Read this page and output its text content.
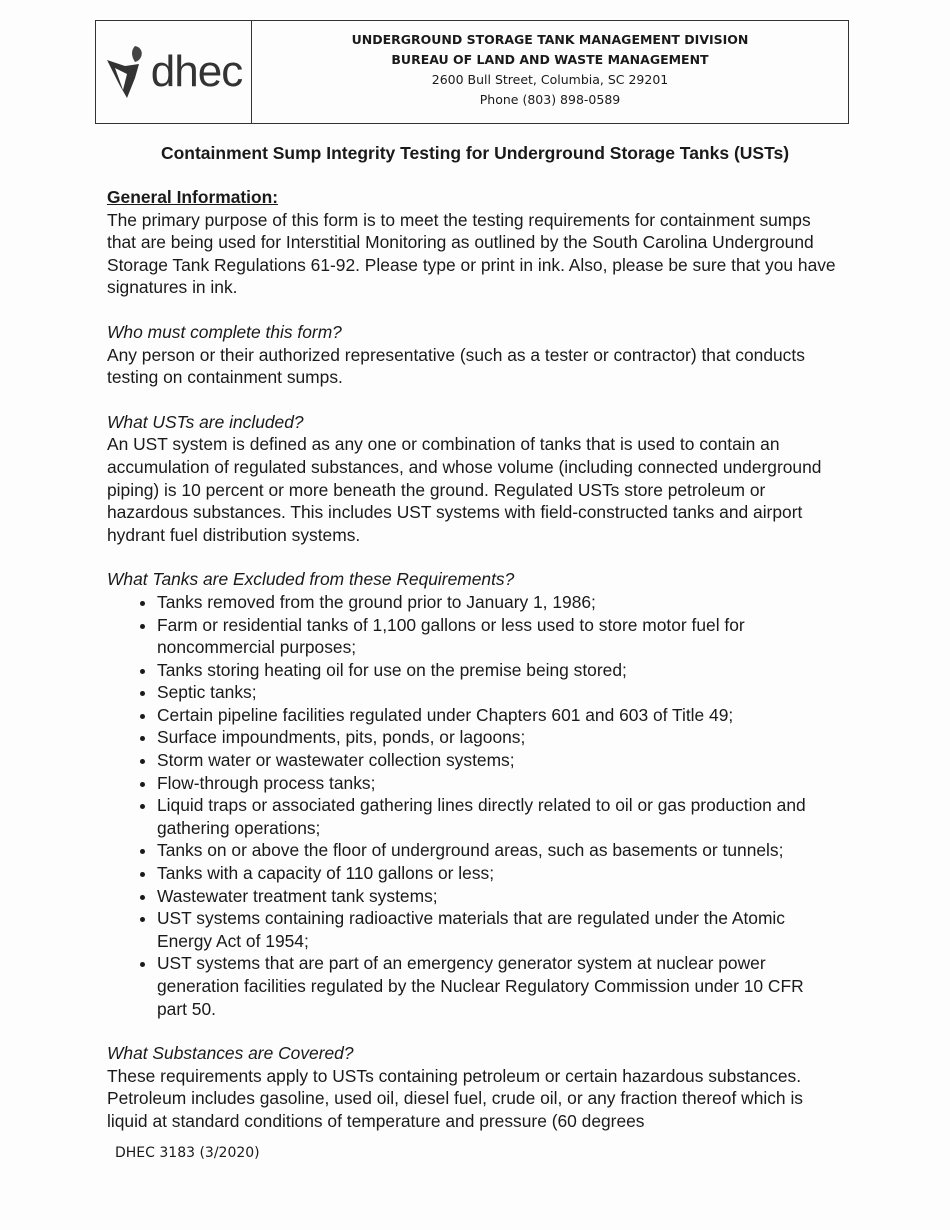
dhec
UNDERGROUND STORAGE TANK MANAGEMENT DIVISION
BUREAU OF LAND AND WASTE MANAGEMENT
2600 Bull Street, Columbia, SC 29201
Phone (803) 898-0589
Containment Sump Integrity Testing for Underground Storage Tanks (USTs)
General Information:

The primary purpose of this form is to meet the testing requirements for containment sumps that are being used for Interstitial Monitoring as outlined by the South Carolina Underground Storage Tank Regulations 61-92. Please type or print in ink. Also, please be sure that you have signatures in ink.

Who must complete this form?

Any person or their authorized representative (such as a tester or contractor) that conducts testing on containment sumps.

What USTs are included?

An UST system is defined as any one or combination of tanks that is used to contain an accumulation of regulated substances, and whose volume (including connected underground piping) is 10 percent or more beneath the ground. Regulated USTs store petroleum or hazardous substances. This includes UST systems with field-constructed tanks and airport hydrant fuel distribution systems.

What Tanks are Excluded from these Requirements?
• Tanks removed from the ground prior to January 1, 1986;
• Farm or residential tanks of 1,100 gallons or less used to store motor fuel for noncommercial purposes;
• Tanks storing heating oil for use on the premise being stored;
• Septic tanks;
• Certain pipeline facilities regulated under Chapters 601 and 603 of Title 49;
• Surface impoundments, pits, ponds, or lagoons;
• Storm water or wastewater collection systems;
• Flow-through process tanks;
• Liquid traps or associated gathering lines directly related to oil or gas production and gathering operations;
• Tanks on or above the floor of underground areas, such as basements or tunnels;
• Tanks with a capacity of 110 gallons or less;
• Wastewater treatment tank systems;
• UST systems containing radioactive materials that are regulated under the Atomic Energy Act of 1954;
• UST systems that are part of an emergency generator system at nuclear power generation facilities regulated by the Nuclear Regulatory Commission under 10 CFR part 50.
What Substances are Covered?

These requirements apply to USTs containing petroleum or certain hazardous substances. Petroleum includes gasoline, used oil, diesel fuel, crude oil, or any fraction thereof which is liquid at standard conditions of temperature and pressure (60 degrees

DHEC 3183 (3/2020)
